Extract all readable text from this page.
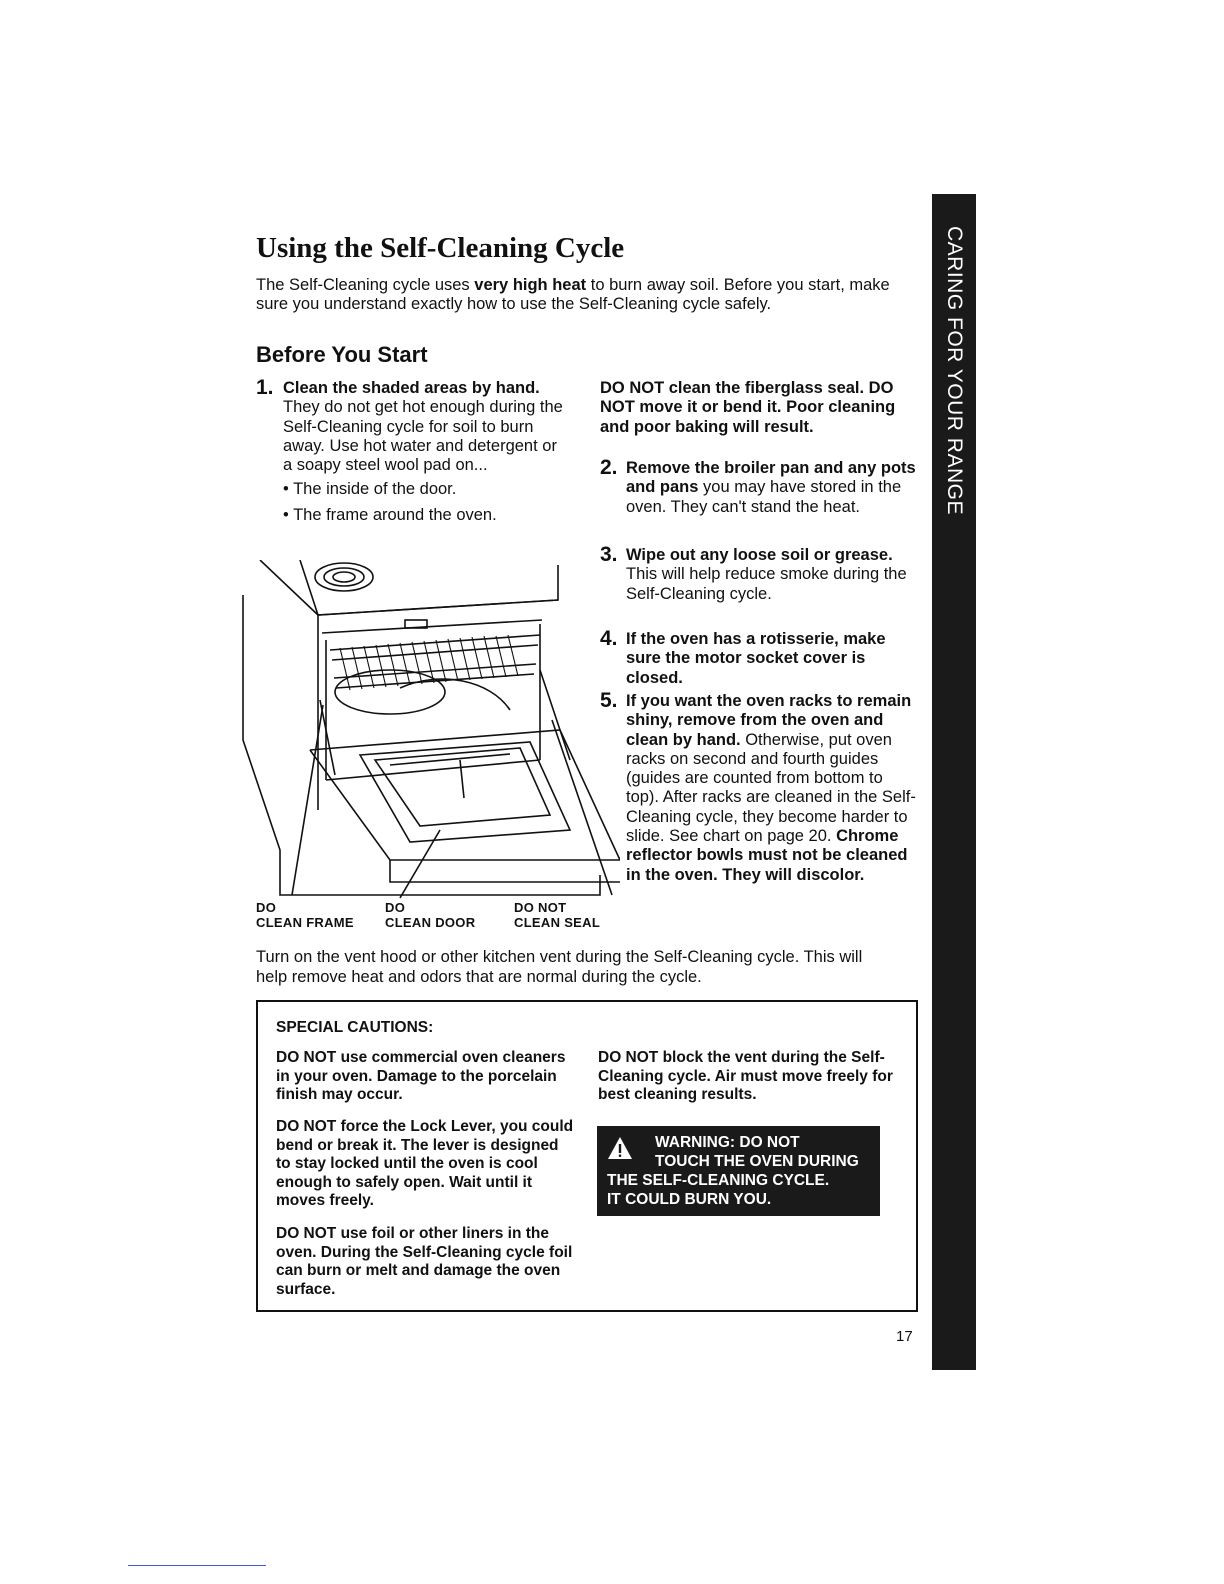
CARING FOR YOUR RANGE
Using the Self-Cleaning Cycle
The Self-Cleaning cycle uses very high heat to burn away soil. Before you start, make sure you understand exactly how to use the Self-Cleaning cycle safely.
Before You Start
1. Clean the shaded areas by hand.
They do not get hot enough during the Self-Cleaning cycle for soil to burn away. Use hot water and detergent or a soapy steel wool pad on...
• The inside of the door.
• The frame around the oven.
DO
CLEAN FRAME
DO
CLEAN DOOR
DO NOT
CLEAN SEAL
DO NOT clean the fiberglass seal. DO NOT move it or bend it. Poor cleaning and poor baking will result.
2. Remove the broiler pan and any pots and pans you may have stored in the oven. They can't stand the heat.
3. Wipe out any loose soil or grease. This will help reduce smoke during the Self-Cleaning cycle.
4. If the oven has a rotisserie, make sure the motor socket cover is closed.
5. If you want the oven racks to remain shiny, remove from the oven and clean by hand. Otherwise, put oven racks on second and fourth guides (guides are counted from bottom to top). After racks are cleaned in the Self-Cleaning cycle, they become harder to slide. See chart on page 20. Chrome reflector bowls must not be cleaned in the oven. They will discolor.
Turn on the vent hood or other kitchen vent during the Self-Cleaning cycle. This will help remove heat and odors that are normal during the cycle.
SPECIAL CAUTIONS:
DO NOT use commercial oven cleaners in your oven. Damage to the porcelain finish may occur.
DO NOT force the Lock Lever, you could bend or break it. The lever is designed to stay locked until the oven is cool enough to safely open. Wait until it moves freely.
DO NOT use foil or other liners in the oven. During the Self-Cleaning cycle foil can burn or melt and damage the oven surface.
DO NOT block the vent during the Self-Cleaning cycle. Air must move freely for best cleaning results.
WARNING: DO NOT
TOUCH THE OVEN DURING
THE SELF-CLEANING CYCLE.
IT COULD BURN YOU.
17
